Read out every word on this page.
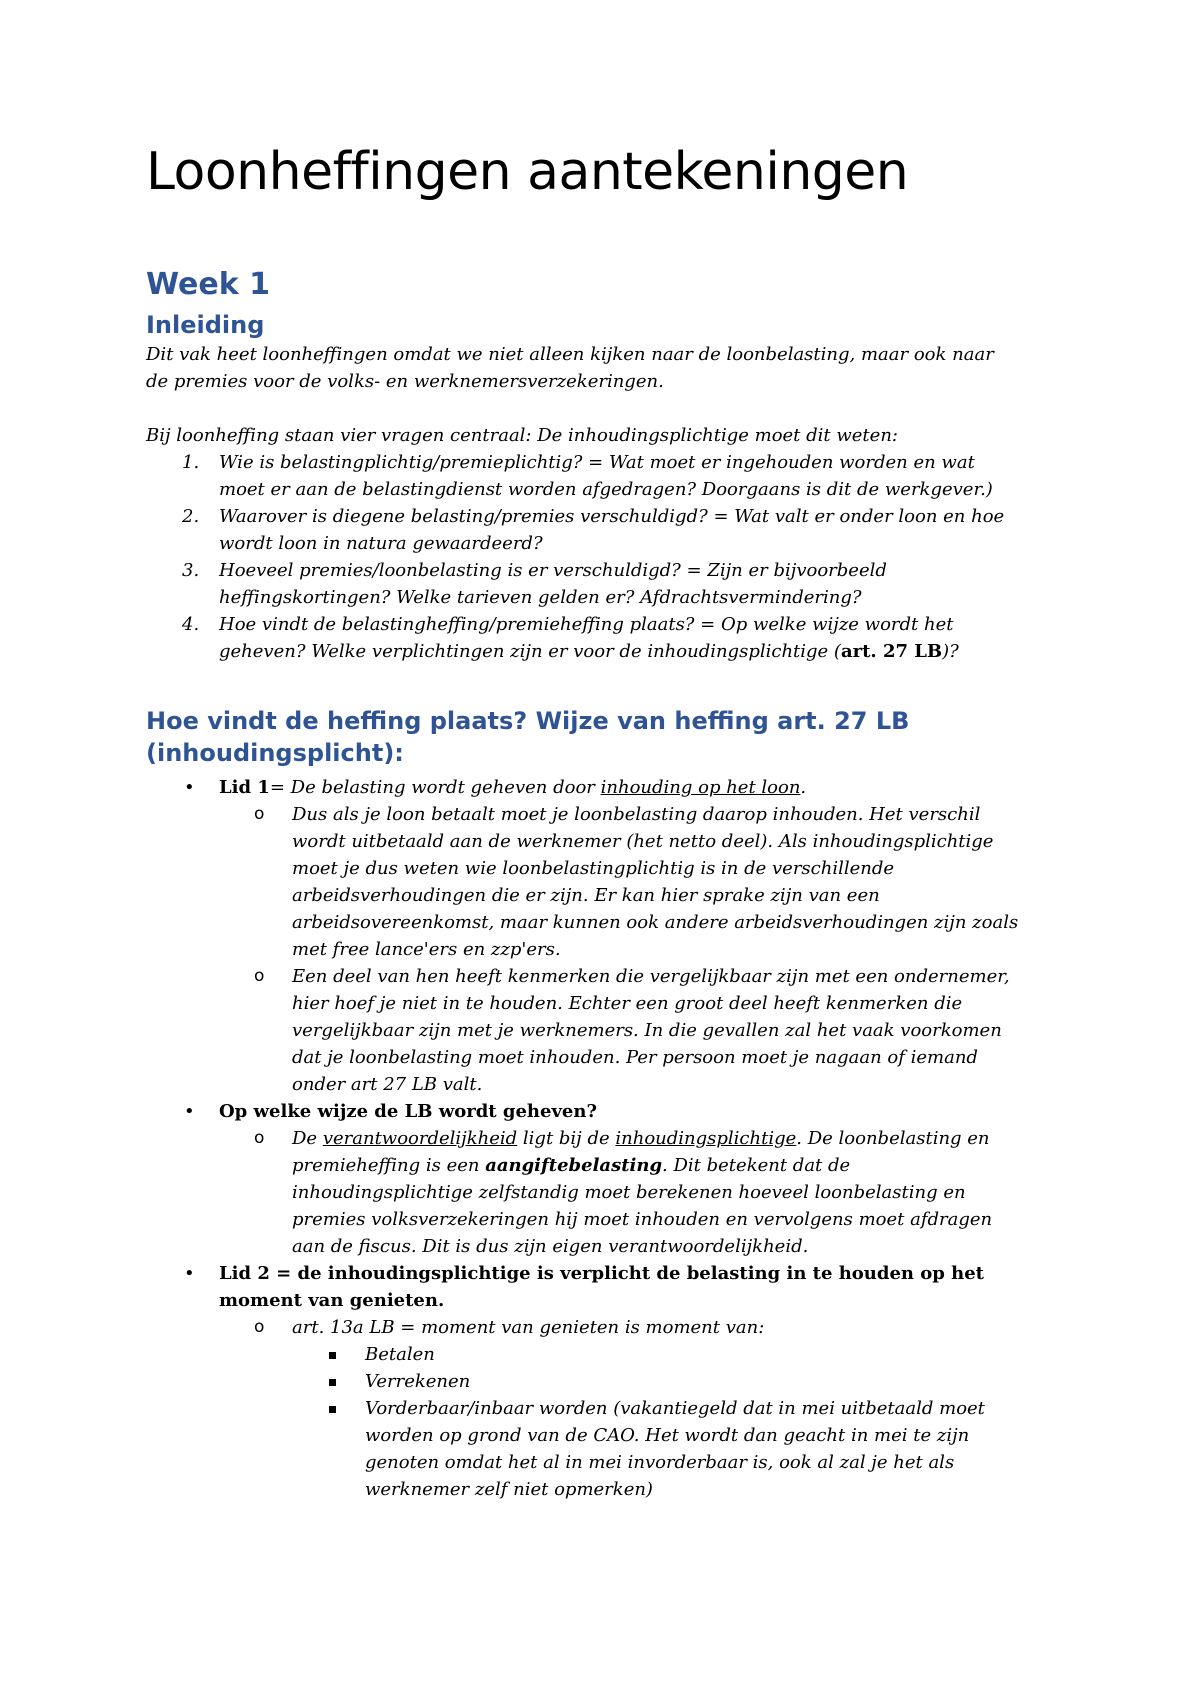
Loonheffingen aantekeningen
Week 1
Inleiding

Dit vak heet loonheffingen omdat we niet alleen kijken naar de loonbelasting, maar ook naar
de premies voor de volks- en werknemersverzekeringen.

Bij loonheffing staan vier vragen centraal: De inhoudingsplichtige moet dit weten:

1. Wie is belastingplichtig/premieplichtig? = Wat moet er ingehouden worden en wat
moet er aan de belastingdienst worden afgedragen? Doorgaans is dit de werkgever.)
2. Waarover is diegene belasting/premies verschuldigd? = Wat valt er onder loon en hoe
wordt loon in natura gewaardeerd?
3. Hoeveel premies/loonbelasting is er verschuldigd? = Zijn er bijvoorbeeld
heffingskortingen? Welke tarieven gelden er? Afdrachtsvermindering?
4. Hoe vindt de belastingheffing/premieheffing plaats? = Op welke wijze wordt het
geheven? Welke verplichtingen zijn er voor de inhoudingsplichtige (art. 27 LB)?
Hoe vindt de heffing plaats? Wijze van heffing art. 27 LB
(inhoudingsplicht):
• Lid 1= De belasting wordt geheven door inhouding op het loon.
o Dus als je loon betaalt moet je loonbelasting daarop inhouden. Het verschil
wordt uitbetaald aan de werknemer (het netto deel). Als inhoudingsplichtige
moet je dus weten wie loonbelastingplichtig is in de verschillende
arbeidsverhoudingen die er zijn. Er kan hier sprake zijn van een
arbeidsovereenkomst, maar kunnen ook andere arbeidsverhoudingen zijn zoals
met free lance'ers en zzp'ers.
o Een deel van hen heeft kenmerken die vergelijkbaar zijn met een ondernemer,
hier hoef je niet in te houden. Echter een groot deel heeft kenmerken die
vergelijkbaar zijn met je werknemers. In die gevallen zal het vaak voorkomen
dat je loonbelasting moet inhouden. Per persoon moet je nagaan of iemand
onder art 27 LB valt.
• Op welke wijze de LB wordt geheven?
o De verantwoordelijkheid ligt bij de inhoudingsplichtige. De loonbelasting en
premieheffing is een aangiftebelasting. Dit betekent dat de
inhoudingsplichtige zelfstandig moet berekenen hoeveel loonbelasting en
premies volksverzekeringen hij moet inhouden en vervolgens moet afdragen
aan de fiscus. Dit is dus zijn eigen verantwoordelijkheid.
• Lid 2 = de inhoudingsplichtige is verplicht de belasting in te houden op het
moment van genieten.
o art. 13a LB = moment van genieten is moment van:
Betalen
Verrekenen
Vorderbaar/inbaar worden (vakantiegeld dat in mei uitbetaald moet
worden op grond van de CAO. Het wordt dan geacht in mei te zijn
genoten omdat het al in mei invorderbaar is, ook al zal je het als
werknemer zelf niet opmerken)
